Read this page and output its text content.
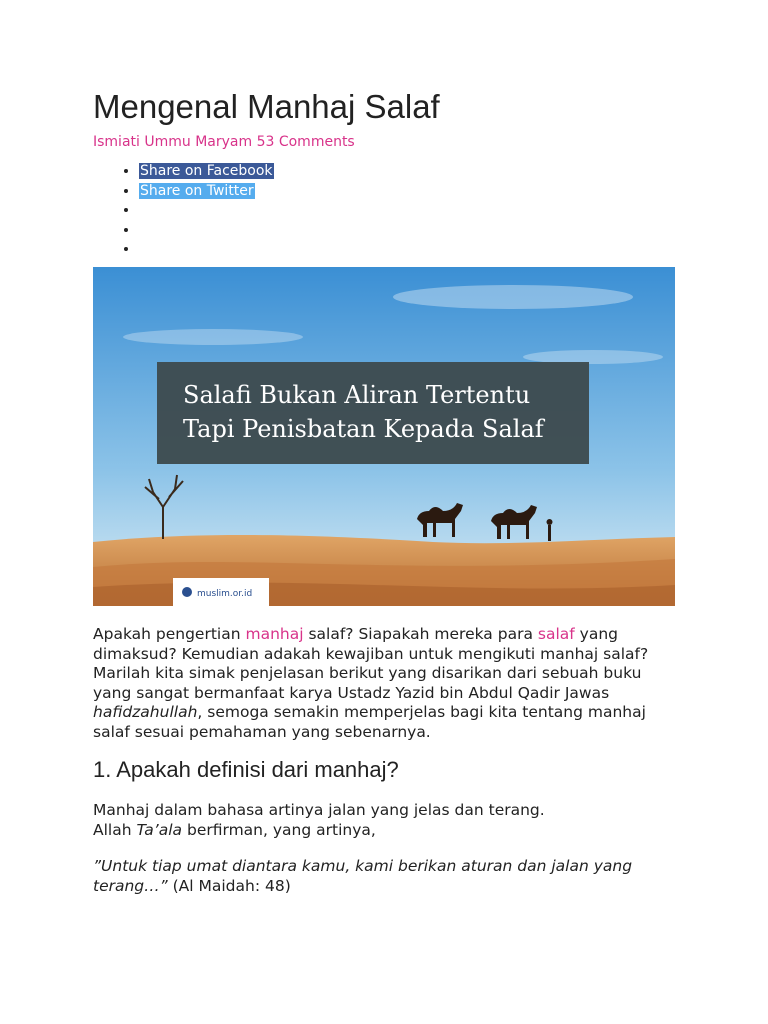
Mengenal Manhaj Salaf
Ismiati Ummu Maryam 53 Comments
• Share on Facebook
• Share on Twitter
•
•
•
Salafi Bukan Aliran Tertentu
Tapi Penisbatan Kepada Salaf
muslim.or.id

Apakah pengertian manhaj salaf? Siapakah mereka para salaf yang dimaksud? Kemudian adakah kewajiban untuk mengikuti manhaj salaf? Marilah kita simak penjelasan berikut yang disarikan dari sebuah buku yang sangat bermanfaat karya Ustadz Yazid bin Abdul Qadir Jawas hafidzahullah, semoga semakin memperjelas bagi kita tentang manhaj salaf sesuai pemahaman yang sebenarnya.

1. Apakah definisi dari manhaj?

Manhaj dalam bahasa artinya jalan yang jelas dan terang.
Allah Ta’ala berfirman, yang artinya,

”Untuk tiap umat diantara kamu, kami berikan aturan dan jalan yang terang…” (Al Maidah: 48)
